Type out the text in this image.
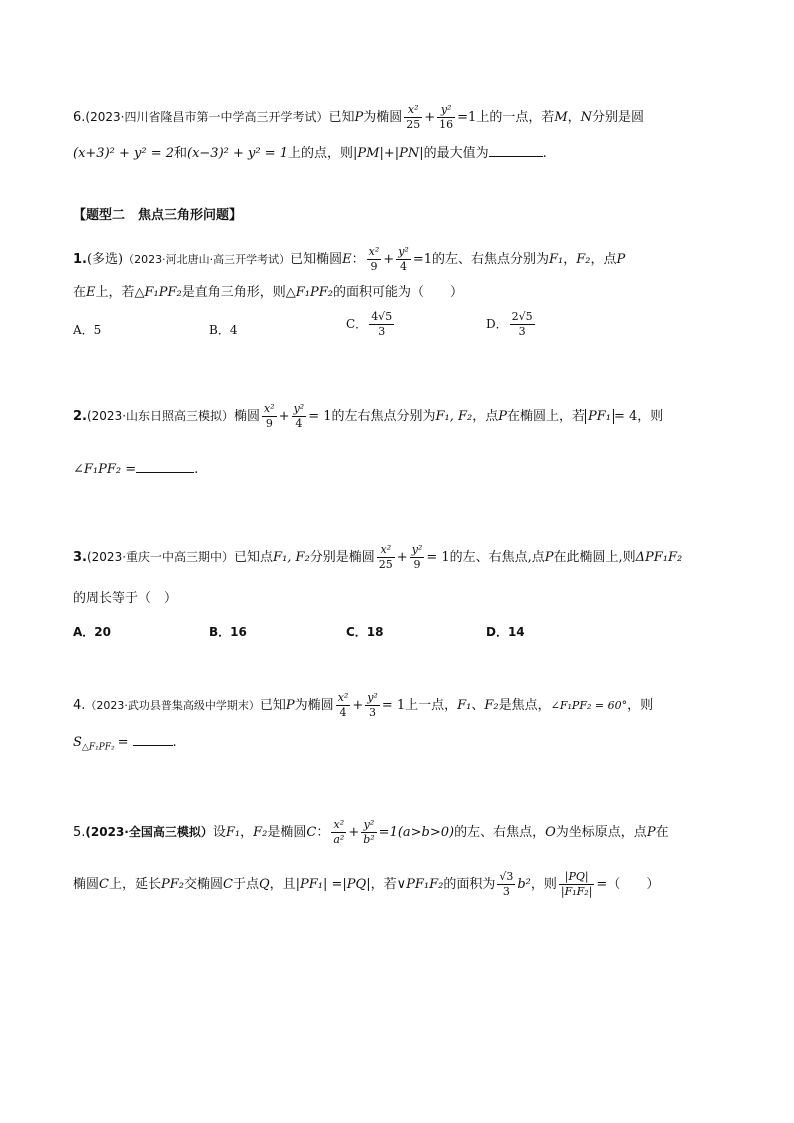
6.(2023·四川省隆昌市第一中学高三开学考试）已知P为椭圆 $\frac{\text{x²}}{25} + \frac{\text{y²}}{16} =1$上的一点，若M，N分别是圆
(x+3)² + y² = 2和(x−3)² + y² = 1上的点，则|PM|+|PN|的最大值为	.
【题型二　焦点三角形问题】
1.(多选)（2023·河北唐山·高三开学考试）已知椭圆E： $\frac{\text{x²}}{9} + \frac{\text{y²}}{4} =1$的左、右焦点分别为F₁，F₂，点P
在E上，若△F₁PF₂是直角三角形，则△F₁PF₂的面积可能为（　　）
A．5	B．4	C． $\frac{4√5}{3}$	D． $\frac{2√5}{3}$
2.(2023·山东日照高三模拟）椭圆 $\frac{\text{x²}}{9} + \frac{\text{y²}}{4} = 1$的左右焦点分别为F₁, F₂，点P在椭圆上，若 PF₁ = 4，则
∠F₁PF₂ =	.
3.(2023·重庆一中高三期中）已知点F₁, F₂分别是椭圆 $\frac{\text{x²}}{25} + \frac{\text{y²}}{9} = 1$的左、右焦点,点P在此椭圆上,则ΔPF₁F₂
的周长等于（　）
A．20	B．16	C．18	D．14
4.（2023·武功县普集高级中学期末）已知P为椭圆 $\frac{\text{x²}}{4} + \frac{\text{y²}}{3} = 1$上一点，F₁、F₂是焦点，∠F₁PF₂ = 60°，则
$S_{\triangle F_1PF_2}$ =	.
5.(2023·全国高三模拟）设F₁，F₂是椭圆C： $\frac{\text{x²}}{\text{a²}} + \frac{\text{y²}}{\text{b²}} =1(a>b>0)$的左、右焦点，O为坐标原点，点P在
椭圆C上，延长PF₂交椭圆C于点Q，且|PF₁| =|PQ|，若∨PF₁F₂的面积为 $\frac{√3}{3} b^2$，则 $\frac{|PQ|}{\text{|F₁F₂|}}$ =（　　）
